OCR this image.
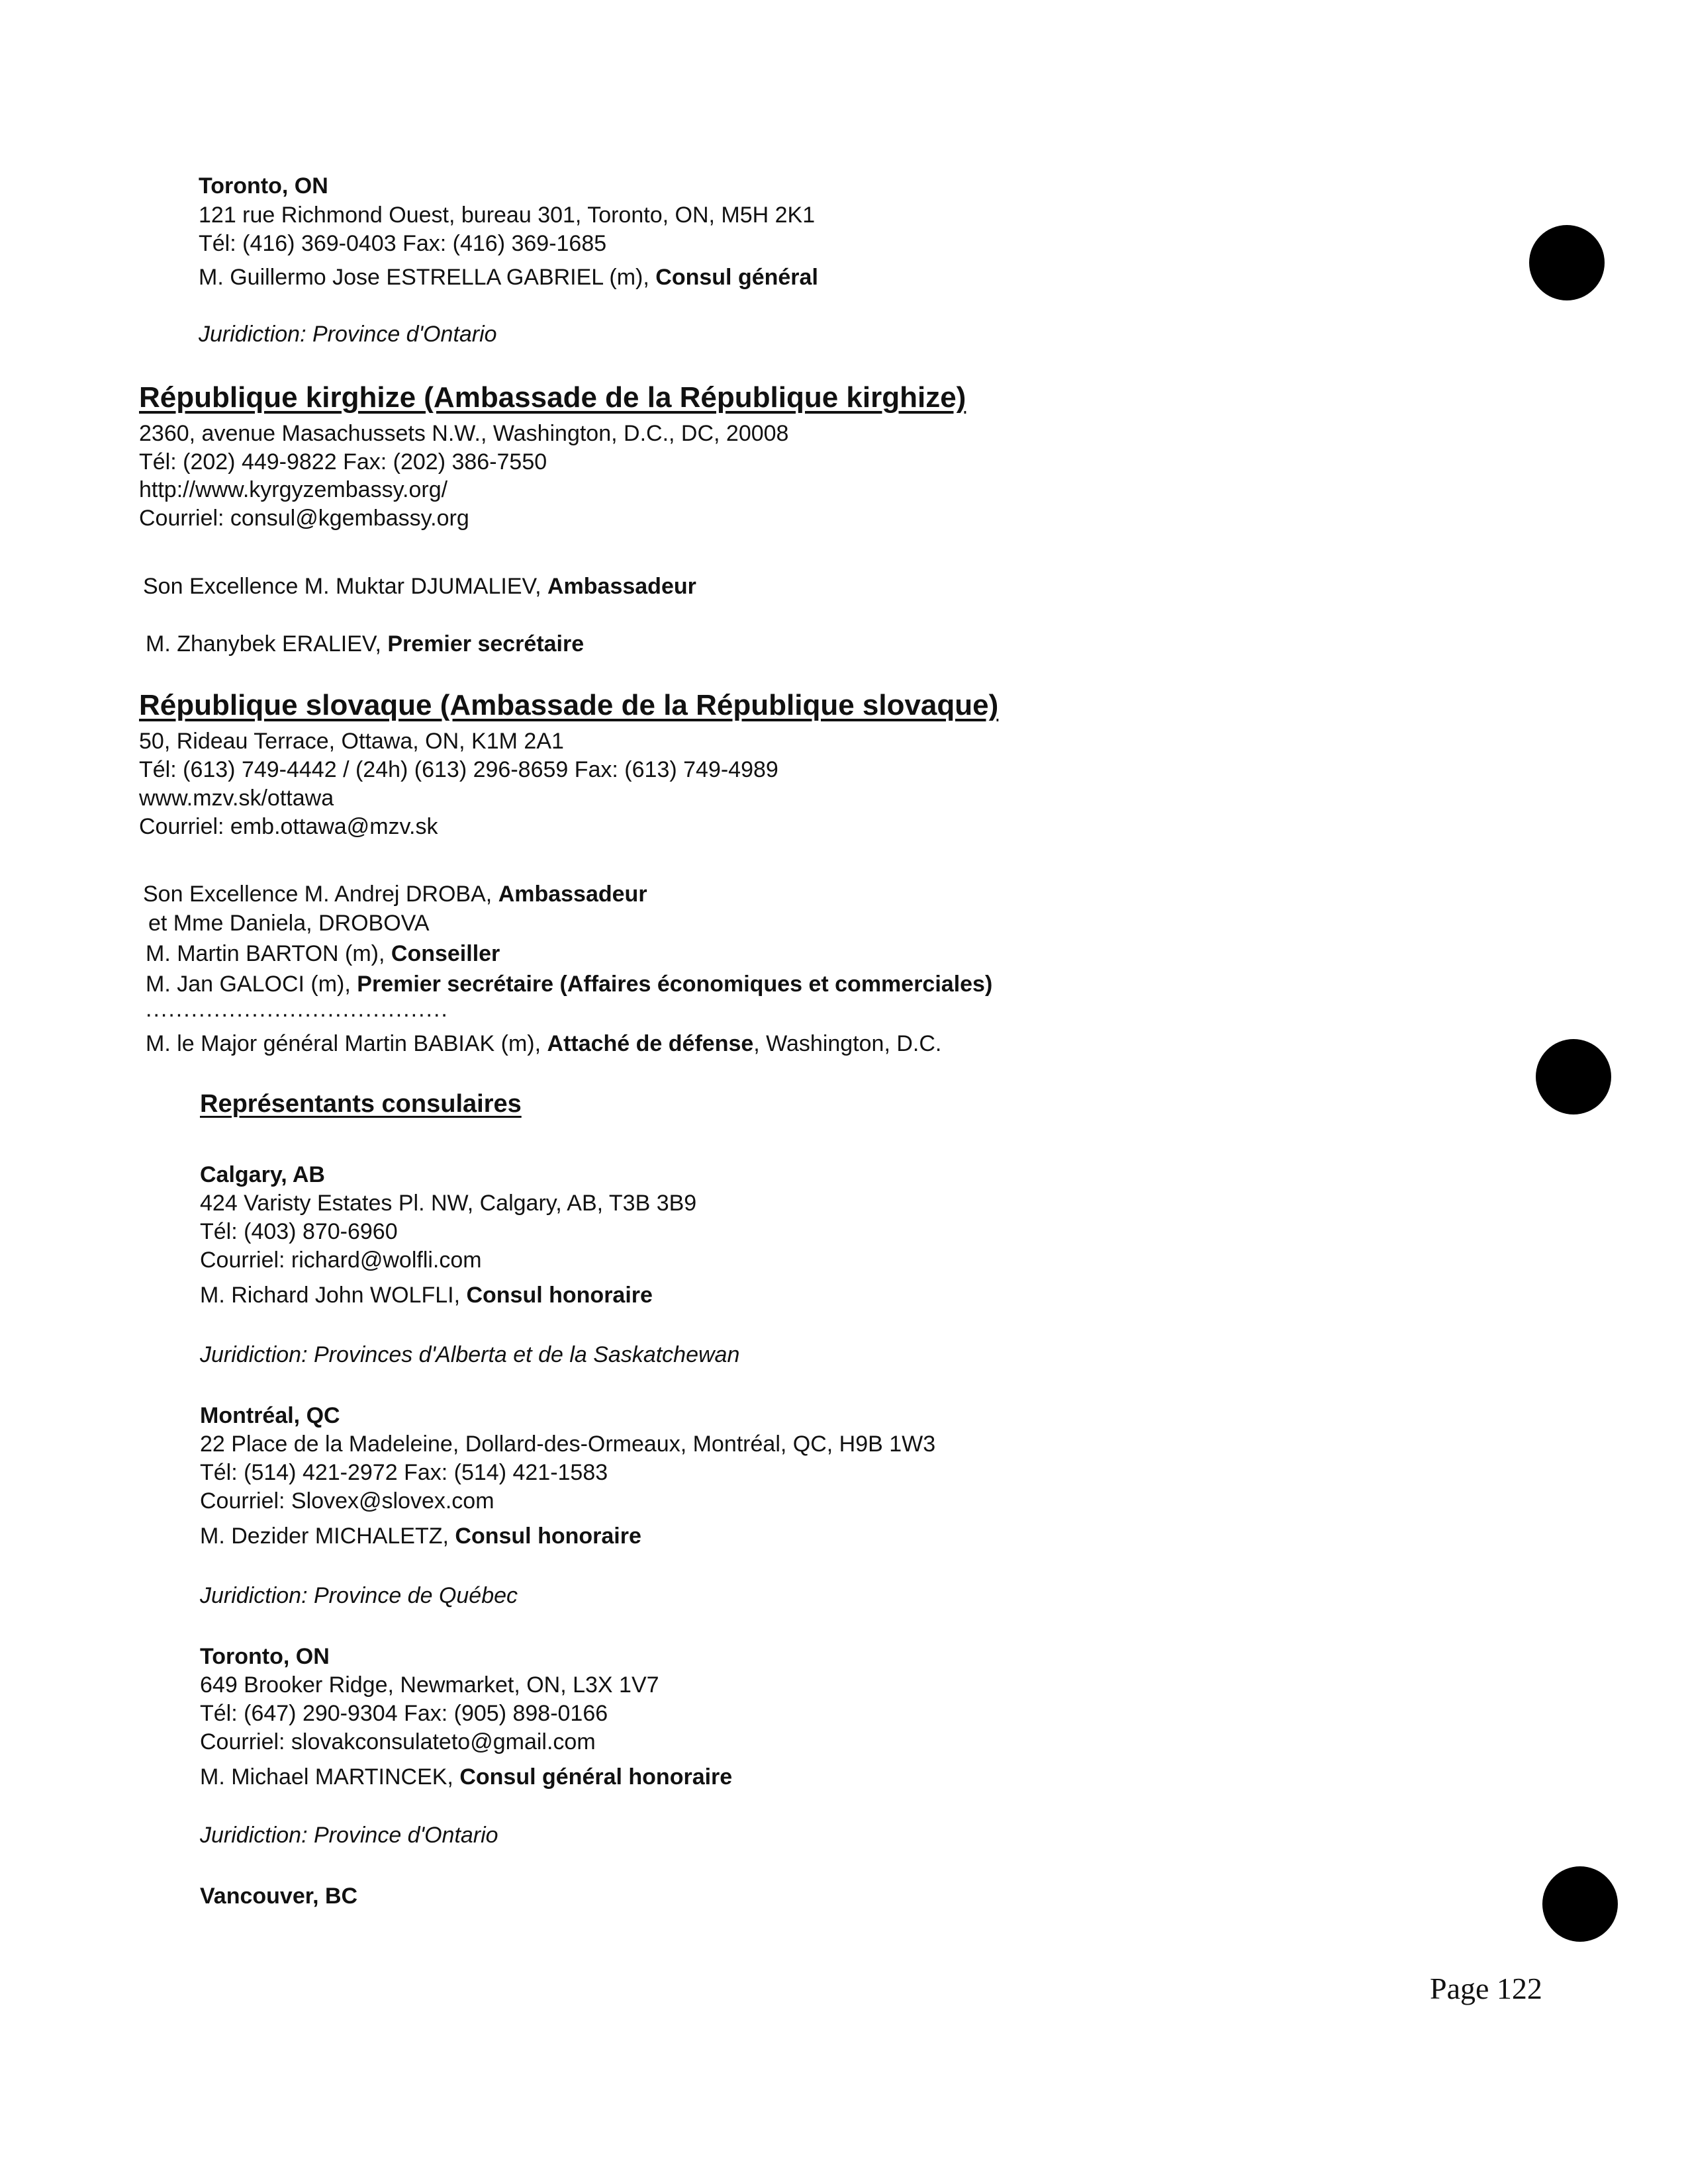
Toronto, ON
121 rue Richmond Ouest, bureau 301, Toronto, ON, M5H 2K1
Tél: (416) 369-0403 Fax: (416) 369-1685
M. Guillermo Jose ESTRELLA GABRIEL (m), Consul général
Juridiction: Province d'Ontario
République kirghize (Ambassade de la République kirghize)
2360, avenue Masachussets N.W., Washington, D.C., DC, 20008
Tél: (202) 449-9822 Fax: (202) 386-7550
http://www.kyrgyzembassy.org/
Courriel: consul@kgembassy.org
Son Excellence M. Muktar DJUMALIEV, Ambassadeur
M. Zhanybek ERALIEV, Premier secrétaire
République slovaque (Ambassade de la République slovaque)
50, Rideau Terrace, Ottawa, ON, K1M 2A1
Tél: (613) 749-4442 / (24h) (613) 296-8659 Fax: (613) 749-4989
www.mzv.sk/ottawa
Courriel: emb.ottawa@mzv.sk
Son Excellence M. Andrej DROBA, Ambassadeur
et Mme Daniela, DROBOVA
M. Martin BARTON (m), Conseiller
M. Jan GALOCI (m), Premier secrétaire (Affaires économiques et commerciales)
........................................
M. le Major général Martin BABIAK (m), Attaché de défense, Washington, D.C.
Représentants consulaires
Calgary, AB
424 Varisty Estates Pl. NW, Calgary, AB, T3B 3B9
Tél: (403) 870-6960
Courriel: richard@wolfli.com
M. Richard John WOLFLI, Consul honoraire
Juridiction: Provinces d'Alberta et de la Saskatchewan
Montréal, QC
22 Place de la Madeleine, Dollard-des-Ormeaux, Montréal, QC, H9B 1W3
Tél: (514) 421-2972 Fax: (514) 421-1583
Courriel: Slovex@slovex.com
M. Dezider MICHALETZ, Consul honoraire
Juridiction: Province de Québec
Toronto, ON
649 Brooker Ridge, Newmarket, ON, L3X 1V7
Tél: (647) 290-9304 Fax: (905) 898-0166
Courriel: slovakconsulateto@gmail.com
M. Michael MARTINCEK, Consul général honoraire
Juridiction: Province d'Ontario
Vancouver, BC
Page 122
